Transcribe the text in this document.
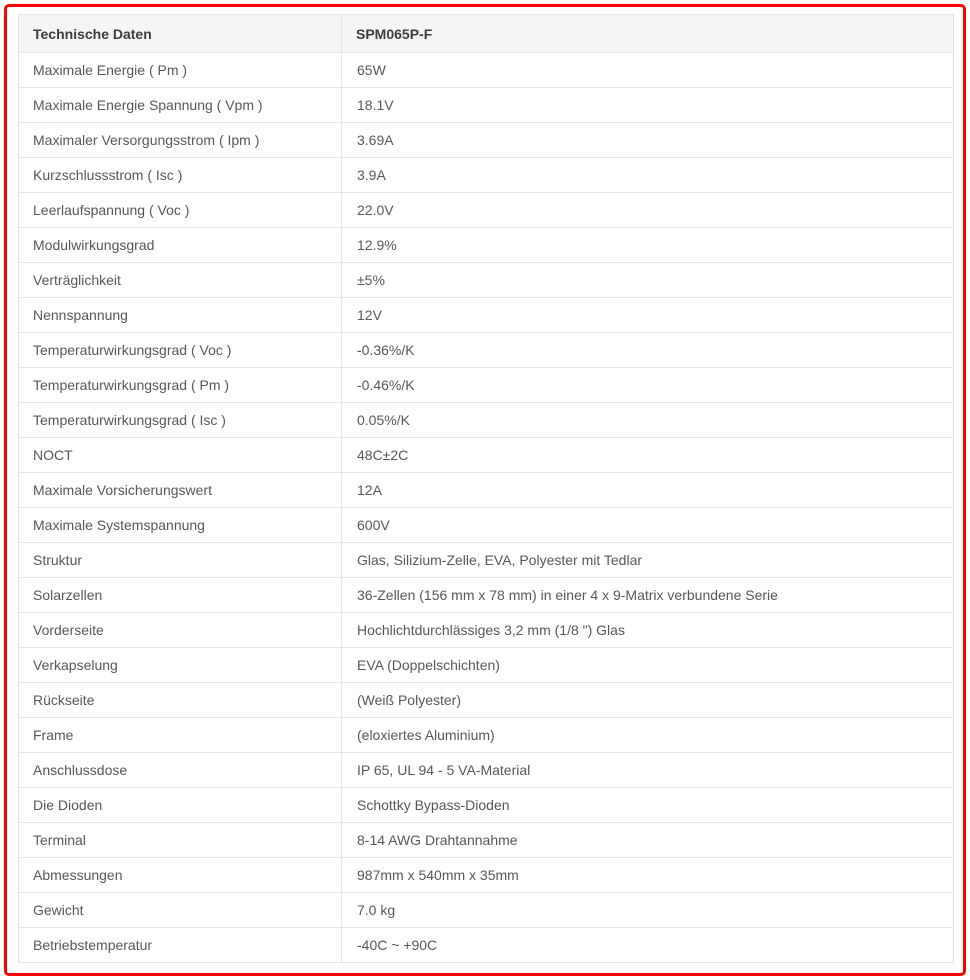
Technische Daten	SPM065P-F
Maximale Energie ( Pm )	65W
Maximale Energie Spannung ( Vpm )	18.1V
Maximaler Versorgungsstrom ( Ipm )	3.69A
Kurzschlussstrom ( Isc )	3.9A
Leerlaufspannung ( Voc )	22.0V
Modulwirkungsgrad	12.9%
Verträglichkeit	±5%
Nennspannung	12V
Temperaturwirkungsgrad ( Voc )	-0.36%/K
Temperaturwirkungsgrad ( Pm )	-0.46%/K
Temperaturwirkungsgrad ( Isc )	0.05%/K
NOCT	48C±2C
Maximale Vorsicherungswert	12A
Maximale Systemspannung	600V
Struktur	Glas, Silizium-Zelle, EVA, Polyester mit Tedlar
Solarzellen	36-Zellen (156 mm x 78 mm) in einer 4 x 9-Matrix verbundene Serie
Vorderseite	Hochlichtdurchlässiges 3,2 mm (1/8 ") Glas
Verkapselung	EVA (Doppelschichten)
Rückseite	(Weiß Polyester)
Frame	(eloxiertes Aluminium)
Anschlussdose	IP 65, UL 94 - 5 VA-Material
Die Dioden	Schottky Bypass-Dioden
Terminal	8-14 AWG Drahtannahme
Abmessungen	987mm x 540mm x 35mm
Gewicht	7.0 kg
Betriebstemperatur	-40C ~ +90C
